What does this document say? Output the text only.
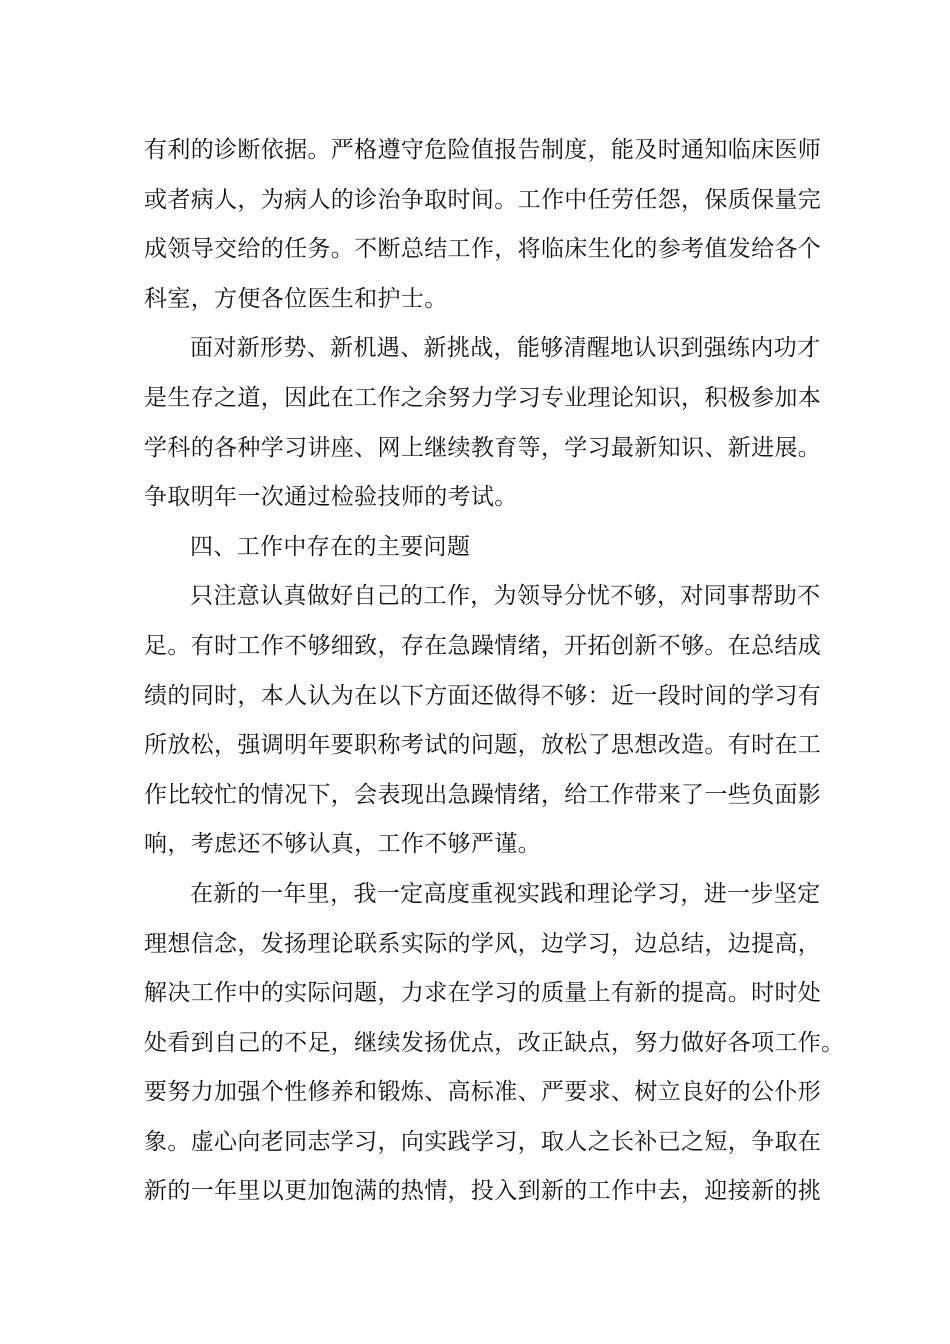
有利的诊断依据。严格遵守危险值报告制度，能及时通知临床医师
或者病人，为病人的诊治争取时间。工作中任劳任怨，保质保量完
成领导交给的任务。不断总结工作，将临床生化的参考值发给各个
科室，方便各位医生和护士。
面对新形势、新机遇、新挑战，能够清醒地认识到强练内功才
是生存之道，因此在工作之余努力学习专业理论知识，积极参加本
学科的各种学习讲座、网上继续教育等，学习最新知识、新进展。
争取明年一次通过检验技师的考试。
四、工作中存在的主要问题
只注意认真做好自己的工作，为领导分忧不够，对同事帮助不
足。有时工作不够细致，存在急躁情绪，开拓创新不够。在总结成
绩的同时，本人认为在以下方面还做得不够：近一段时间的学习有
所放松，强调明年要职称考试的问题，放松了思想改造。有时在工
作比较忙的情况下，会表现出急躁情绪，给工作带来了一些负面影
响，考虑还不够认真，工作不够严谨。
在新的一年里，我一定高度重视实践和理论学习，进一步坚定
理想信念，发扬理论联系实际的学风，边学习，边总结，边提高，
解决工作中的实际问题，力求在学习的质量上有新的提高。时时处
处看到自己的不足，继续发扬优点，改正缺点，努力做好各项工作。
要努力加强个性修养和锻炼、高标准、严要求、树立良好的公仆形
象。虚心向老同志学习，向实践学习，取人之长补已之短，争取在
新的一年里以更加饱满的热情，投入到新的工作中去，迎接新的挑
